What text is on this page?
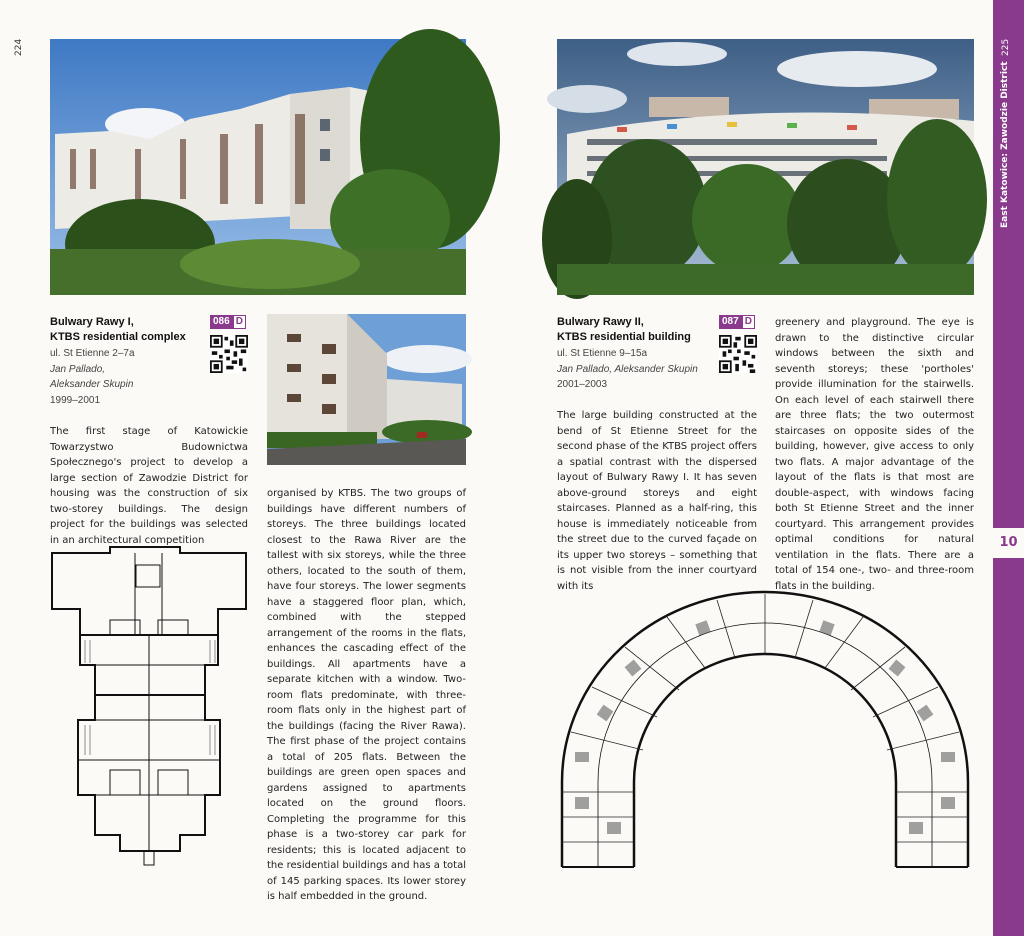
224	225
East Katowice: Zawodzie District
10
Bulwary Rawy I,
KTBS residential complex
086 D
ul. St Etienne 2–7a
Jan Pallado,
Aleksander Skupin
1999–2001
The first stage of Katowickie Towarzystwo Budownictwa Społecznego's project to develop a large section of Zawodzie District for housing was the construction of six two-storey buildings. The design project for the buildings was selected in an architectural competition
organised by KTBS. The two groups of buildings have different numbers of storeys. The three buildings located closest to the Rawa River are the tallest with six storeys, while the three others, located to the south of them, have four storeys. The lower segments have a staggered floor plan, which, combined with the stepped arrangement of the rooms in the flats, enhances the cascading effect of the buildings. All apartments have a separate kitchen with a window. Two-room flats predominate, with three-room flats only in the highest part of the buildings (facing the River Rawa). The first phase of the project contains a total of 205 flats. Between the buildings are green open spaces and gardens assigned to apartments located on the ground floors. Completing the programme for this phase is a two-storey car park for residents; this is located adjacent to the residential buildings and has a total of 145 parking spaces. Its lower storey is half embedded in the ground.
Bulwary Rawy II,
KTBS residential building
087 D
ul. St Etienne 9–15a
Jan Pallado, Aleksander Skupin
2001–2003
The large building constructed at the bend of St Etienne Street for the second phase of the KTBS project offers a spatial contrast with the dispersed layout of Bulwary Rawy I. It has seven above-ground storeys and eight staircases. Planned as a half-ring, this house is immediately noticeable from the street due to the curved façade on its upper two storeys – something that is not visible from the inner courtyard with its
greenery and playground. The eye is drawn to the distinctive circular windows between the sixth and seventh storeys; these 'portholes' provide illumination for the stairwells. On each level of each stairwell there are three flats; the two outermost staircases on opposite sides of the building, however, give access to only two flats. A major advantage of the layout of the flats is that most are double-aspect, with windows facing both St Etienne Street and the inner courtyard. This arrangement provides optimal conditions for natural ventilation in the flats. There are a total of 154 one-, two- and three-room flats in the building.
